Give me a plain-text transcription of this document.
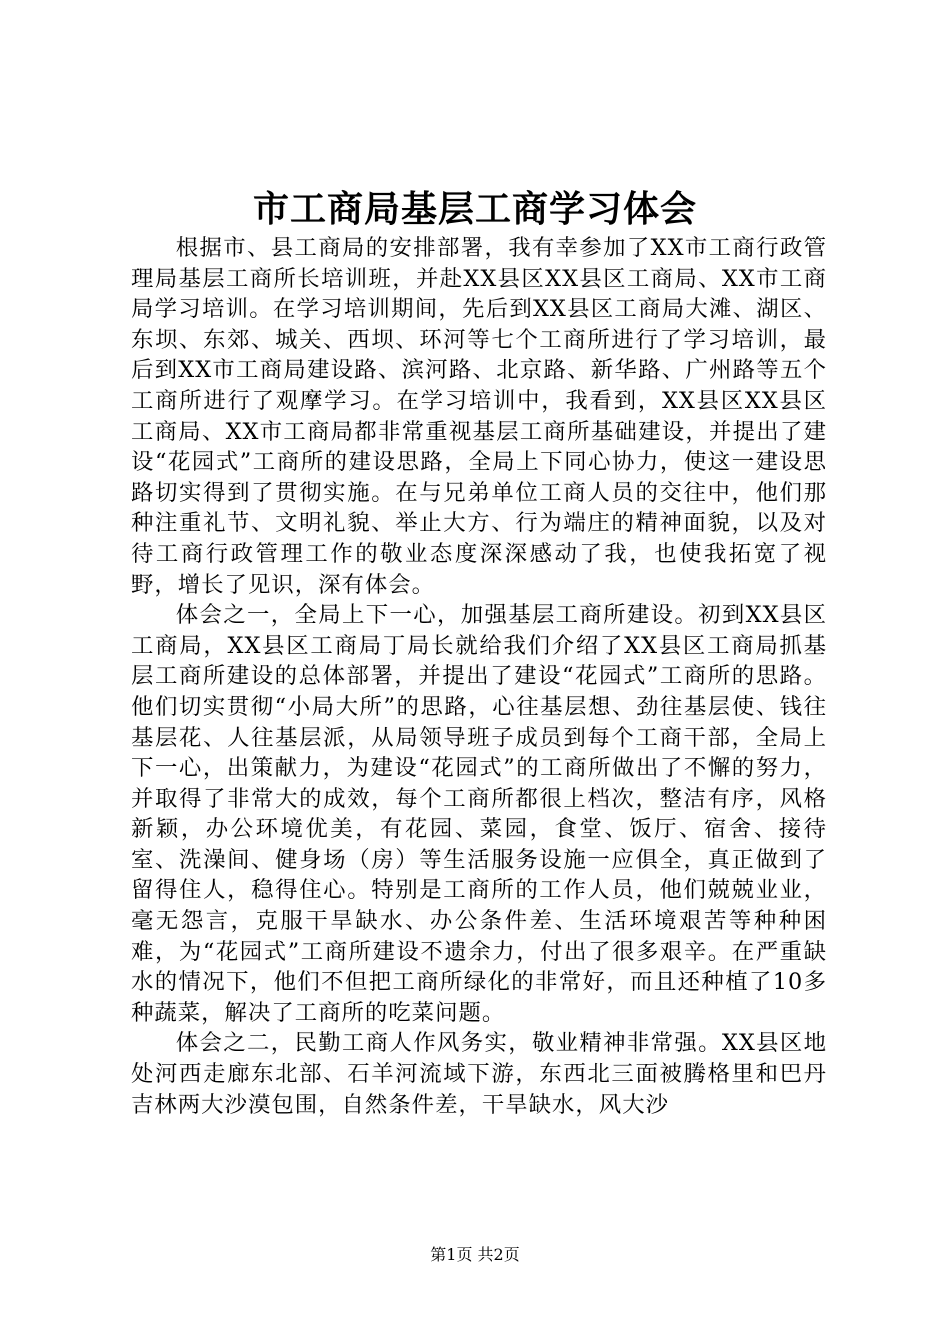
市工商局基层工商学习体会

根据市、县工商局的安排部署，我有幸参加了XX市工商行政管理局基层工商所长培训班，并赴XX县区XX县区工商局、XX市工商局学习培训。在学习培训期间，先后到XX县区工商局大滩、湖区、东坝、东郊、城关、西坝、环河等七个工商所进行了学习培训，最后到XX市工商局建设路、滨河路、北京路、新华路、广州路等五个工商所进行了观摩学习。在学习培训中，我看到，XX县区XX县区工商局、XX市工商局都非常重视基层工商所基础建设，并提出了建设“花园式”工商所的建设思路，全局上下同心协力，使这一建设思路切实得到了贯彻实施。在与兄弟单位工商人员的交往中，他们那种注重礼节、文明礼貌、举止大方、行为端庄的精神面貌，以及对待工商行政管理工作的敬业态度深深感动了我，也使我拓宽了视野，增长了见识，深有体会。

体会之一，全局上下一心，加强基层工商所建设。初到XX县区工商局，XX县区工商局丁局长就给我们介绍了XX县区工商局抓基层工商所建设的总体部署，并提出了建设“花园式”工商所的思路。他们切实贯彻“小局大所”的思路，心往基层想、劲往基层使、钱往基层花、人往基层派，从局领导班子成员到每个工商干部，全局上下一心，出策献力，为建设“花园式”的工商所做出了不懈的努力，并取得了非常大的成效，每个工商所都很上档次，整洁有序，风格新颖，办公环境优美，有花园、菜园，食堂、饭厅、宿舍、接待室、洗澡间、健身场（房）等生活服务设施一应俱全，真正做到了留得住人，稳得住心。特别是工商所的工作人员，他们兢兢业业，毫无怨言，克服干旱缺水、办公条件差、生活环境艰苦等种种困难，为“花园式”工商所建设不遗余力，付出了很多艰辛。在严重缺水的情况下，他们不但把工商所绿化的非常好，而且还种植了10多种蔬菜，解决了工商所的吃菜问题。

体会之二，民勤工商人作风务实，敬业精神非常强。XX县区地处河西走廊东北部、石羊河流域下游，东西北三面被腾格里和巴丹吉林两大沙漠包围，自然条件差，干旱缺水，风大沙

第1页 共2页
